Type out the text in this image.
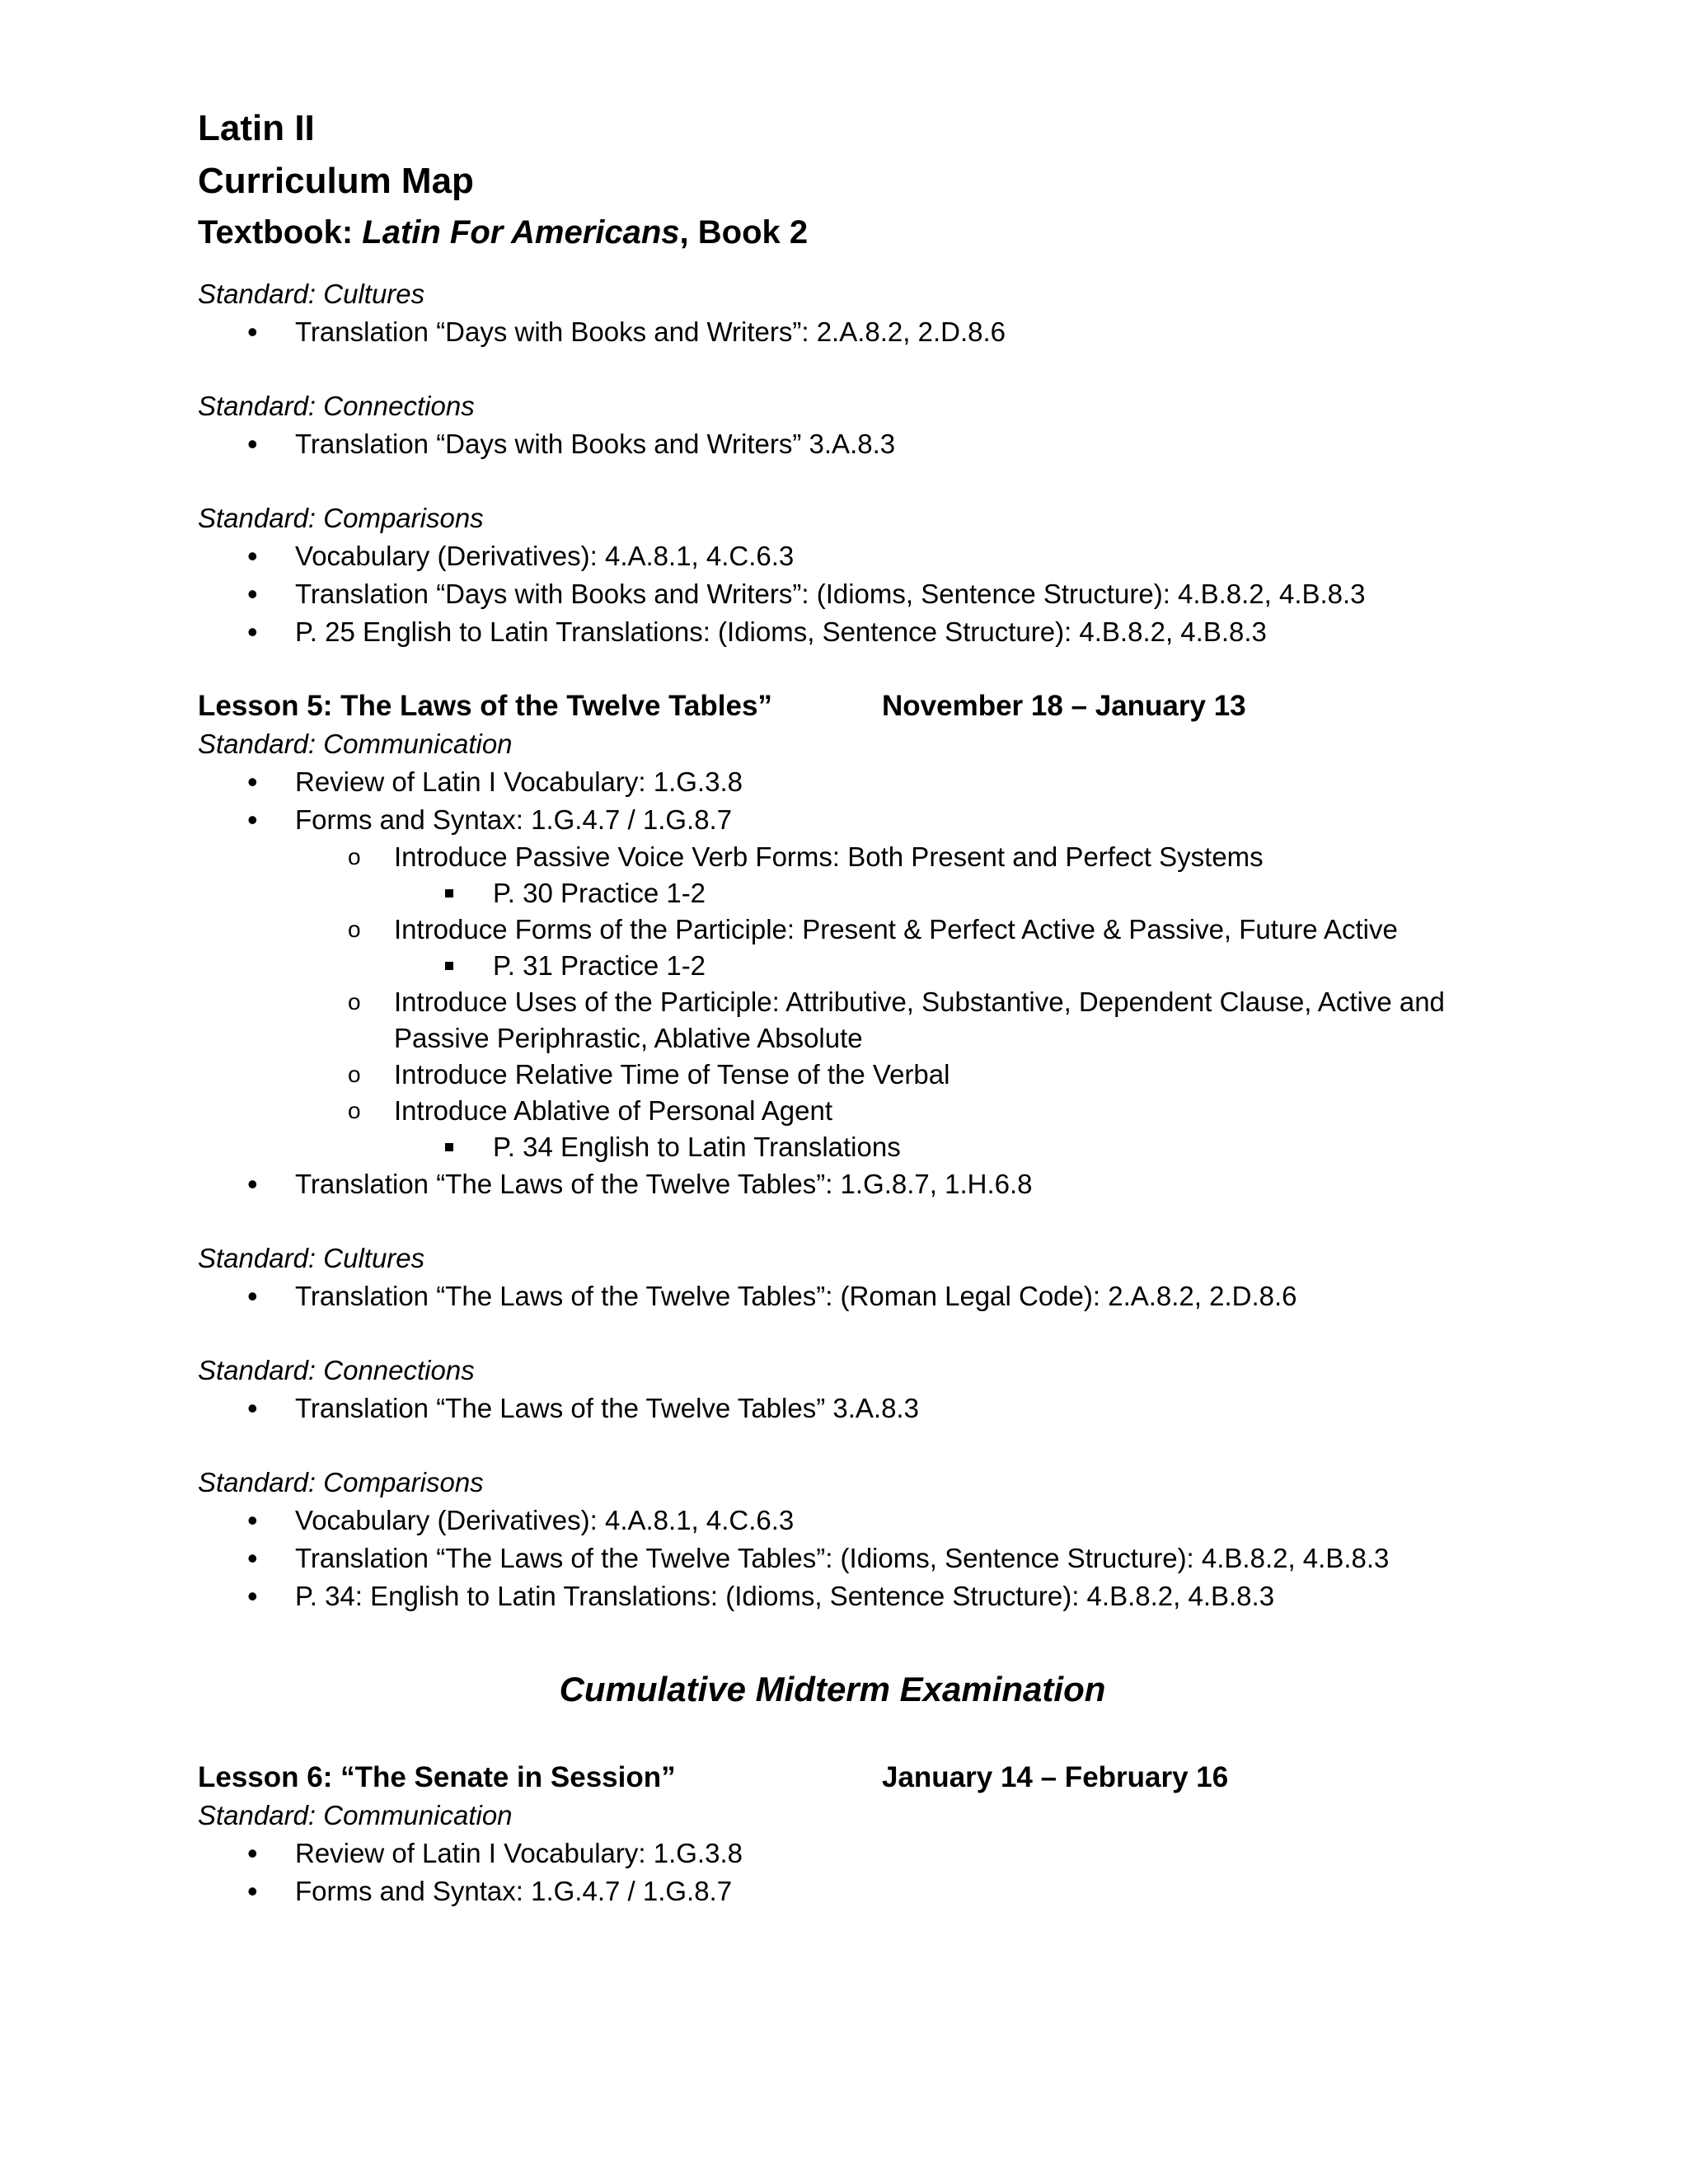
Latin II

Curriculum Map

Textbook: Latin For Americans, Book 2

Standard: Cultures

• Translation “Days with Books and Writers”: 2.A.8.2, 2.D.8.6

Standard: Connections

• Translation “Days with Books and Writers” 3.A.8.3

Standard: Comparisons

• Vocabulary (Derivatives): 4.A.8.1, 4.C.6.3
• Translation “Days with Books and Writers”: (Idioms, Sentence Structure): 4.B.8.2, 4.B.8.3
• P. 25 English to Latin Translations: (Idioms, Sentence Structure): 4.B.8.2, 4.B.8.3
Lesson 5: The Laws of the Twelve Tables”	November 18 – January 13

Standard: Communication

• Review of Latin I Vocabulary: 1.G.3.8
• Forms and Syntax: 1.G.4.7 / 1.G.8.7
o Introduce Passive Voice Verb Forms: Both Present and Perfect Systems
P. 30 Practice 1-2
o Introduce Forms of the Participle: Present & Perfect Active & Passive, Future Active
P. 31 Practice 1-2
o Introduce Uses of the Participle: Attributive, Substantive, Dependent Clause, Active and Passive Periphrastic, Ablative Absolute
o Introduce Relative Time of Tense of the Verbal
o Introduce Ablative of Personal Agent
P. 34 English to Latin Translations
• Translation “The Laws of the Twelve Tables”: 1.G.8.7, 1.H.6.8

Standard: Cultures

• Translation “The Laws of the Twelve Tables”: (Roman Legal Code): 2.A.8.2, 2.D.8.6

Standard: Connections

• Translation “The Laws of the Twelve Tables” 3.A.8.3

Standard: Comparisons

• Vocabulary (Derivatives): 4.A.8.1, 4.C.6.3
• Translation “The Laws of the Twelve Tables”: (Idioms, Sentence Structure): 4.B.8.2, 4.B.8.3
• P. 34: English to Latin Translations: (Idioms, Sentence Structure): 4.B.8.2, 4.B.8.3

Cumulative Midterm Examination

Lesson 6: “The Senate in Session”	January 14 – February 16

Standard: Communication

• Review of Latin I Vocabulary: 1.G.3.8
• Forms and Syntax: 1.G.4.7 / 1.G.8.7
